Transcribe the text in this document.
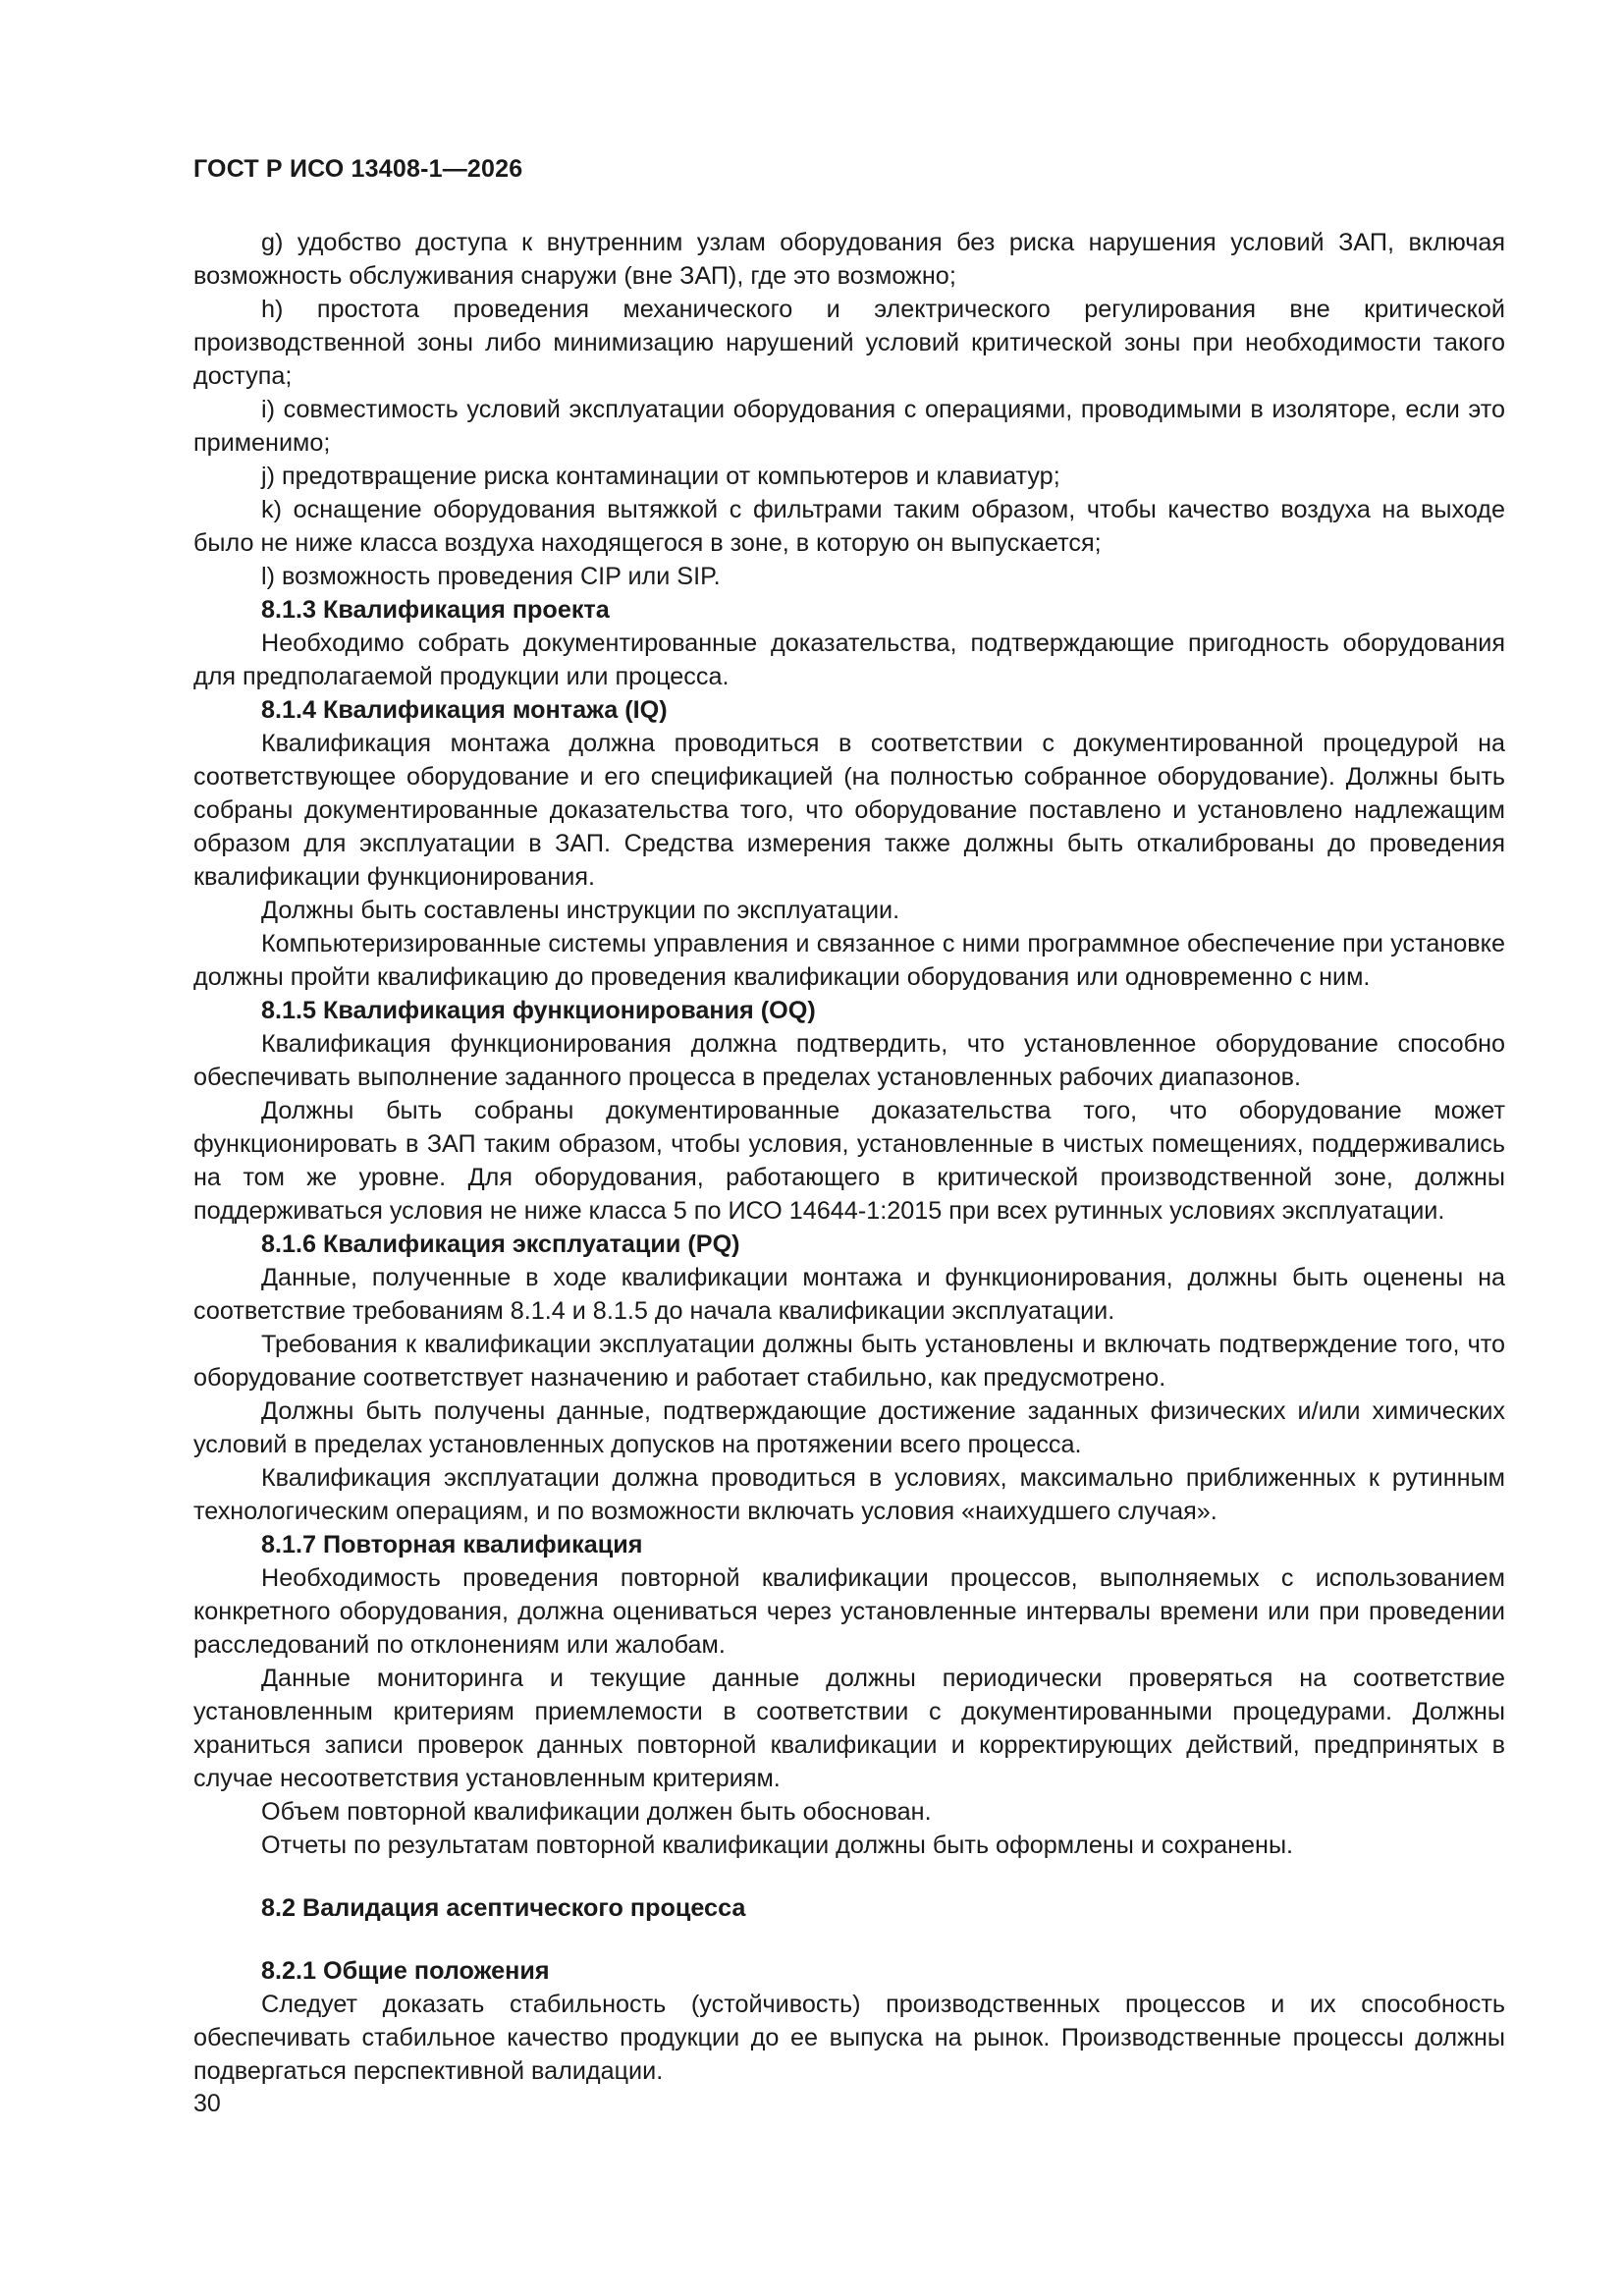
ГОСТ Р ИСО 13408-1—2026

g) удобство доступа к внутренним узлам оборудования без риска нарушения условий ЗАП, включая возможность обслуживания снаружи (вне ЗАП), где это возможно;

h) простота проведения механического и электрического регулирования вне критической производственной зоны либо минимизацию нарушений условий критической зоны при необходимости такого доступа;

i) совместимость условий эксплуатации оборудования с операциями, проводимыми в изоляторе, если это применимо;

j) предотвращение риска контаминации от компьютеров и клавиатур;

k) оснащение оборудования вытяжкой с фильтрами таким образом, чтобы качество воздуха на выходе было не ниже класса воздуха находящегося в зоне, в которую он выпускается;

l) возможность проведения CIP или SIP.

8.1.3 Квалификация проекта

Необходимо собрать документированные доказательства, подтверждающие пригодность оборудования для предполагаемой продукции или процесса.

8.1.4 Квалификация монтажа (IQ)

Квалификация монтажа должна проводиться в соответствии с документированной процедурой на соответствующее оборудование и его спецификацией (на полностью собранное оборудование). Должны быть собраны документированные доказательства того, что оборудование поставлено и установлено надлежащим образом для эксплуатации в ЗАП. Средства измерения также должны быть откалиброваны до проведения квалификации функционирования.

Должны быть составлены инструкции по эксплуатации.

Компьютеризированные системы управления и связанное с ними программное обеспечение при установке должны пройти квалификацию до проведения квалификации оборудования или одновременно с ним.

8.1.5 Квалификация функционирования (OQ)

Квалификация функционирования должна подтвердить, что установленное оборудование способно обеспечивать выполнение заданного процесса в пределах установленных рабочих диапазонов.

Должны быть собраны документированные доказательства того, что оборудование может функционировать в ЗАП таким образом, чтобы условия, установленные в чистых помещениях, поддерживались на том же уровне. Для оборудования, работающего в критической производственной зоне, должны поддерживаться условия не ниже класса 5 по ИСО 14644-1:2015 при всех рутинных условиях эксплуатации.

8.1.6 Квалификация эксплуатации (PQ)

Данные, полученные в ходе квалификации монтажа и функционирования, должны быть оценены на соответствие требованиям 8.1.4 и 8.1.5 до начала квалификации эксплуатации.

Требования к квалификации эксплуатации должны быть установлены и включать подтверждение того, что оборудование соответствует назначению и работает стабильно, как предусмотрено.

Должны быть получены данные, подтверждающие достижение заданных физических и/или химических условий в пределах установленных допусков на протяжении всего процесса.

Квалификация эксплуатации должна проводиться в условиях, максимально приближенных к рутинным технологическим операциям, и по возможности включать условия «наихудшего случая».

8.1.7 Повторная квалификация

Необходимость проведения повторной квалификации процессов, выполняемых с использованием конкретного оборудования, должна оцениваться через установленные интервалы времени или при проведении расследований по отклонениям или жалобам.

Данные мониторинга и текущие данные должны периодически проверяться на соответствие установленным критериям приемлемости в соответствии с документированными процедурами. Должны храниться записи проверок данных повторной квалификации и корректирующих действий, предпринятых в случае несоответствия установленным критериям.

Объем повторной квалификации должен быть обоснован.

Отчеты по результатам повторной квалификации должны быть оформлены и сохранены.

8.2 Валидация асептического процесса

8.2.1 Общие положения

Следует доказать стабильность (устойчивость) производственных процессов и их способность обеспечивать стабильное качество продукции до ее выпуска на рынок. Производственные процессы должны подвергаться перспективной валидации.

30
